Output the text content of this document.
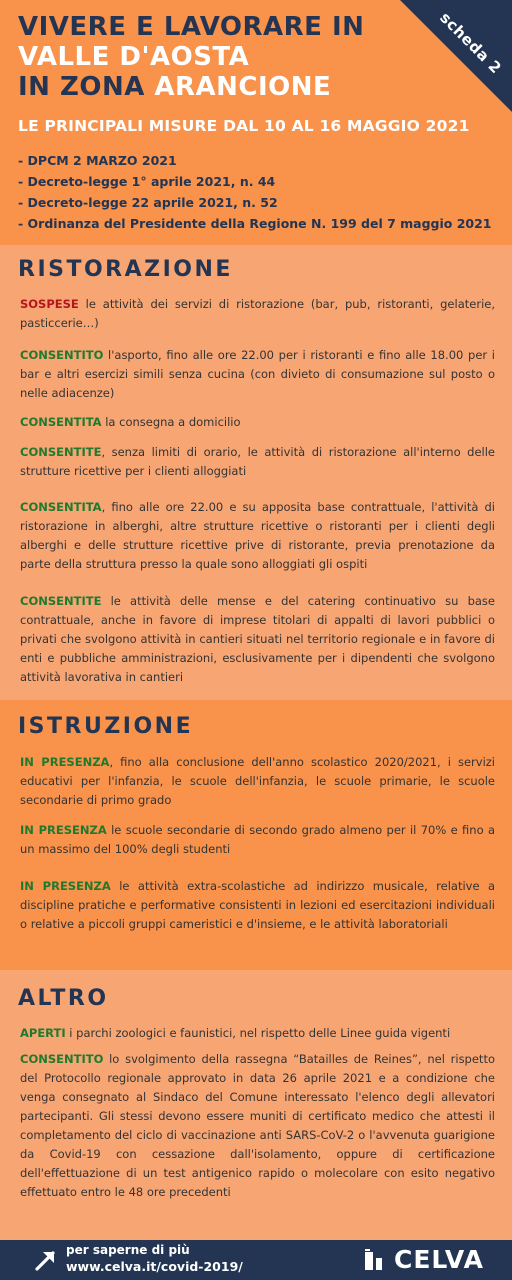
scheda 2
VIVERE E LAVORARE IN
VALLE D'AOSTA
IN ZONA ARANCIONE
LE PRINCIPALI MISURE DAL 10 AL 16 MAGGIO 2021
- DPCM 2 MARZO 2021
- Decreto-legge 1° aprile 2021, n. 44
- Decreto-legge 22 aprile 2021, n. 52
- Ordinanza del Presidente della Regione N. 199 del 7 maggio 2021
RISTORAZIONE

SOSPESE le attività dei servizi di ristorazione (bar, pub, ristoranti, gelaterie, pasticcerie…)

CONSENTITO l'asporto, fino alle ore 22.00 per i ristoranti e fino alle 18.00 per i bar e altri esercizi simili senza cucina (con divieto di consumazione sul posto o nelle adiacenze)

CONSENTITA la consegna a domicilio

CONSENTITE, senza limiti di orario, le attività di ristorazione all'interno delle strutture ricettive per i clienti alloggiati

CONSENTITA, fino alle ore 22.00 e su apposita base contrattuale, l'attività di ristorazione in alberghi, altre strutture ricettive o ristoranti per i clienti degli alberghi e delle strutture ricettive prive di ristorante, previa prenotazione da parte della struttura presso la quale sono alloggiati gli ospiti

CONSENTITE le attività delle mense e del catering continuativo su base contrattuale, anche in favore di imprese titolari di appalti di lavori pubblici o privati che svolgono attività in cantieri situati nel territorio regionale e in favore di enti e pubbliche amministrazioni, esclusivamente per i dipendenti che svolgono attività lavorativa in cantieri

ISTRUZIONE

IN PRESENZA, fino alla conclusione dell'anno scolastico 2020/2021, i servizi educativi per l'infanzia, le scuole dell'infanzia, le scuole primarie, le scuole secondarie di primo grado

IN PRESENZA le scuole secondarie di secondo grado almeno per il 70% e fino a un massimo del 100% degli studenti

IN PRESENZA le attività extra-scolastiche ad indirizzo musicale, relative a discipline pratiche e performative consistenti in lezioni ed esercitazioni individuali o relative a piccoli gruppi cameristici e d'insieme, e le attività laboratoriali

ALTRO

APERTI i parchi zoologici e faunistici, nel rispetto delle Linee guida vigenti

CONSENTITO lo svolgimento della rassegna “Batailles de Reines”, nel rispetto del Protocollo regionale approvato in data 26 aprile 2021 e a condizione che venga consegnato al Sindaco del Comune interessato l'elenco degli allevatori partecipanti. Gli stessi devono essere muniti di certificato medico che attesti il completamento del ciclo di vaccinazione anti SARS-CoV-2 o l'avvenuta guarigione da Covid-19 con cessazione dall'isolamento, oppure di certificazione dell'effettuazione di un test antigenico rapido o molecolare con esito negativo effettuato entro le 48 ore precedenti

per saperne di più
www.celva.it/covid-2019/	CELVA
